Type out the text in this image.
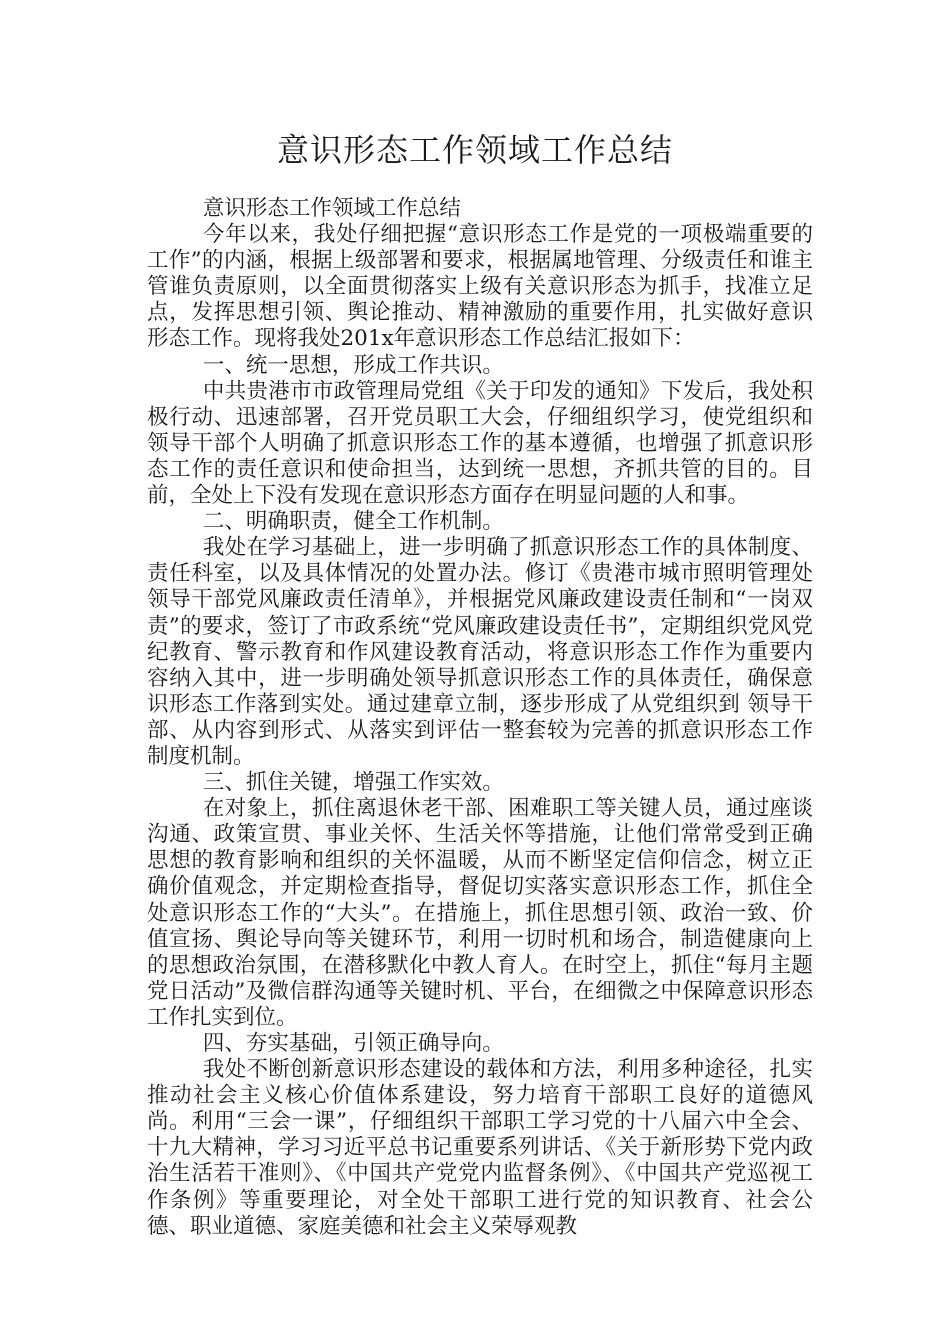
意识形态工作领域工作总结

意识形态工作领域工作总结

今年以来，我处仔细把握“意识形态工作是党的一项极端重要的工作”的内涵，根据上级部署和要求，根据属地管理、分级责任和谁主管谁负责原则，以全面贯彻落实上级有关意识形态为抓手，找准立足点，发挥思想引领、舆论推动、精神激励的重要作用，扎实做好意识形态工作。现将我处201x年意识形态工作总结汇报如下：

一、统一思想，形成工作共识。

中共贵港市市政管理局党组《关于印发的通知》下发后，我处积极行动、迅速部署，召开党员职工大会，仔细组织学习，使党组织和领导干部个人明确了抓意识形态工作的基本遵循，也增强了抓意识形态工作的责任意识和使命担当，达到统一思想，齐抓共管的目的。目前，全处上下没有发现在意识形态方面存在明显问题的人和事。

二、明确职责，健全工作机制。

我处在学习基础上，进一步明确了抓意识形态工作的具体制度、责任科室，以及具体情况的处置办法。修订《贵港市城市照明管理处领导干部党风廉政责任清单》，并根据党风廉政建设责任制和“一岗双责”的要求，签订了市政系统“党风廉政建设责任书”，定期组织党风党纪教育、警示教育和作风建设教育活动，将意识形态工作作为重要内容纳入其中，进一步明确处领导抓意识形态工作的具体责任，确保意识形态工作落到实处。通过建章立制，逐步形成了从党组织到 领导干部、从内容到形式、从落实到评估一整套较为完善的抓意识形态工作制度机制。

三、抓住关键，增强工作实效。

在对象上，抓住离退休老干部、困难职工等关键人员，通过座谈沟通、政策宣贯、事业关怀、生活关怀等措施，让他们常常受到正确思想的教育影响和组织的关怀温暖，从而不断坚定信仰信念，树立正确价值观念，并定期检查指导，督促切实落实意识形态工作，抓住全处意识形态工作的“大头”。在措施上，抓住思想引领、政治一致、价值宣扬、舆论导向等关键环节，利用一切时机和场合，制造健康向上的思想政治氛围，在潜移默化中教人育人。在时空上，抓住“每月主题党日活动”及微信群沟通等关键时机、平台，在细微之中保障意识形态工作扎实到位。

四、夯实基础，引领正确导向。

我处不断创新意识形态建设的载体和方法，利用多种途径，扎实推动社会主义核心价值体系建设，努力培育干部职工良好的道德风尚。利用“三会一课”，仔细组织干部职工学习党的十八届六中全会、十九大精神，学习习近平总书记重要系列讲话、《关于新形势下党内政治生活若干准则》、《中国共产党党内监督条例》、《中国共产党巡视工作条例》等重要理论，对全处干部职工进行党的知识教育、社会公德、职业道德、家庭美德和社会主义荣辱观教
